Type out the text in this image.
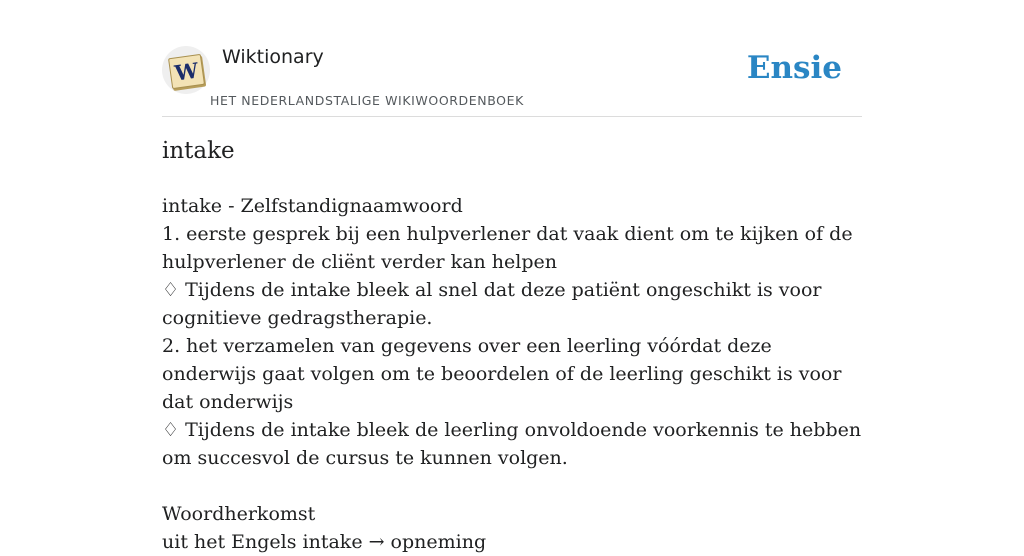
W
Wiktionary
HET NEDERLANDSTALIGE WIKIWOORDENBOEK
Ensie
intake

intake - Zelfstandignaamwoord

1. eerste gesprek bij een hulpverlener dat vaak dient om te kijken of de hulpverlener de cliënt verder kan helpen

♢ Tijdens de intake bleek al snel dat deze patiënt ongeschikt is voor cognitieve gedragstherapie.

2. het verzamelen van gegevens over een leerling vóórdat deze onderwijs gaat volgen om te beoordelen of de leerling geschikt is voor dat onderwijs

♢ Tijdens de intake bleek de leerling onvoldoende voorkennis te hebben om succesvol de cursus te kunnen volgen.

Woordherkomst

uit het Engels intake → opneming
